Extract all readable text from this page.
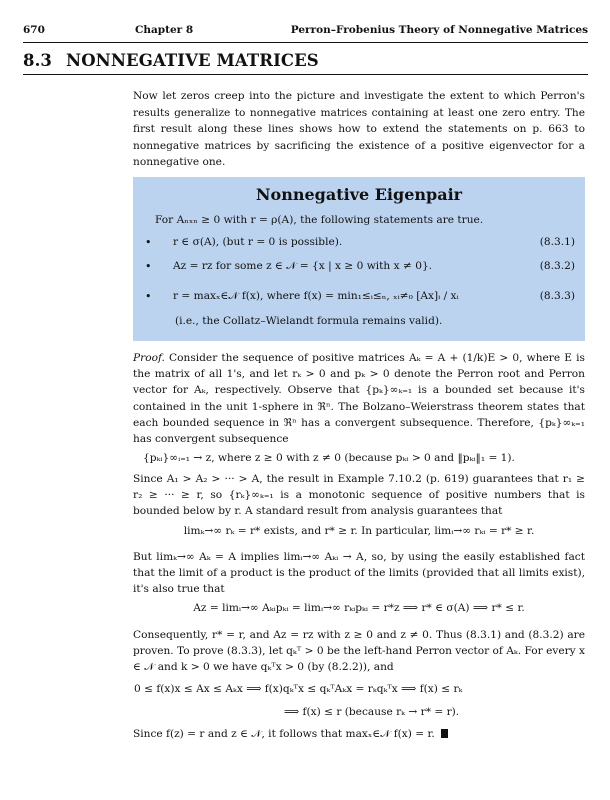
670	Chapter 8	Perron–Frobenius Theory of Nonnegative Matrices
8.3 NONNEGATIVE MATRICES
Now let zeros creep into the picture and investigate the extent to which Perron's results generalize to nonnegative matrices containing at least one zero entry. The first result along these lines shows how to extend the statements on p. 663 to nonnegative matrices by sacrificing the existence of a positive eigenvector for a nonnegative one.
Nonnegative Eigenpair
For Aₙₓₙ ≥ 0 with r = ρ(A), the following statements are true.
• r ∈ σ(A), (but r = 0 is possible).	(8.3.1)
• Az = rz for some z ∈ 𝒩 = {x | x ≥ 0 with x ≠ 0}.	(8.3.2)
• r = maxₓ∈𝒩 f(x), where f(x) = min₁≤ᵢ≤ₙ, ₓᵢ≠₀ [Ax]ᵢ / xᵢ	(8.3.3)
(i.e., the Collatz–Wielandt formula remains valid).
Proof. Consider the sequence of positive matrices Aₖ = A + (1/k)E > 0, where E is the matrix of all 1's, and let rₖ > 0 and pₖ > 0 denote the Perron root and Perron vector for Aₖ, respectively. Observe that {pₖ}∞ₖ₌₁ is a bounded set because it's contained in the unit 1-sphere in ℜⁿ. The Bolzano–Weierstrass theorem states that each bounded sequence in ℜⁿ has a convergent subsequence. Therefore, {pₖ}∞ₖ₌₁ has convergent subsequence
{pₖᵢ}∞ᵢ₌₁ → z, where z ≥ 0 with z ≠ 0 (because pₖᵢ > 0 and ‖pₖᵢ‖₁ = 1).
Since A₁ > A₂ > ··· > A, the result in Example 7.10.2 (p. 619) guarantees that r₁ ≥ r₂ ≥ ··· ≥ r, so {rₖ}∞ₖ₌₁ is a monotonic sequence of positive numbers that is bounded below by r. A standard result from analysis guarantees that
limₖ→∞ rₖ = r* exists, and r* ≥ r. In particular, limᵢ→∞ rₖᵢ = r* ≥ r.
But limₖ→∞ Aₖ = A implies limᵢ→∞ Aₖᵢ → A, so, by using the easily established fact that the limit of a product is the product of the limits (provided that all limits exist), it's also true that
Az = limᵢ→∞ Aₖᵢpₖᵢ = limᵢ→∞ rₖᵢpₖᵢ = r*z ⟹ r* ∈ σ(A) ⟹ r* ≤ r.
Consequently, r* = r, and Az = rz with z ≥ 0 and z ≠ 0. Thus (8.3.1) and (8.3.2) are proven. To prove (8.3.3), let qₖᵀ > 0 be the left-hand Perron vector of Aₖ. For every x ∈ 𝒩 and k > 0 we have qₖᵀx > 0 (by (8.2.2)), and
0 ≤ f(x)x ≤ Ax ≤ Aₖx ⟹ f(x)qₖᵀx ≤ qₖᵀAₖx = rₖqₖᵀx ⟹ f(x) ≤ rₖ
⟹ f(x) ≤ r (because rₖ → r* = r).
Since f(z) = r and z ∈ 𝒩, it follows that maxₓ∈𝒩 f(x) = r.
